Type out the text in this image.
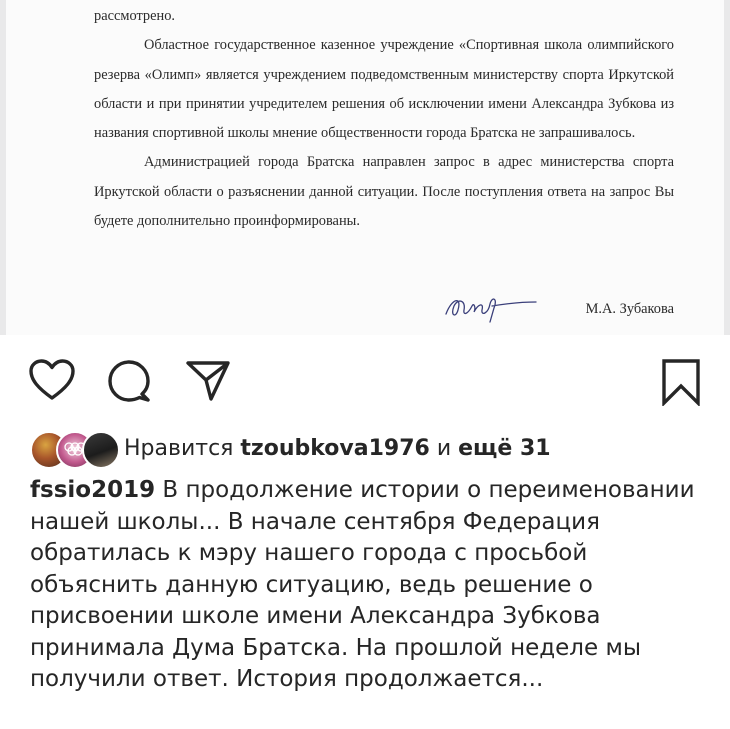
рассмотрено.

Областное государственное казенное учреждение «Спортивная школа олимпийского резерва «Олимп» является учреждением подведомственным министерству спорта Иркутской области и при принятии учредителем решения об исключении имени Александра Зубкова из названия спортивной школы мнение общественности города Братска не запрашивалось.

Администрацией города Братска направлен запрос в адрес министерства спорта Иркутской области о разъяснении данной ситуации. После поступления ответа на запрос Вы будете дополнительно проинформированы.

М.А. Зубакова
Нравится tzoubkova1976 и ещё 31
fssio2019 В продолжение истории о переименовании нашей школы... В начале сентября Федерация обратилась к мэру нашего города с просьбой объяснить данную ситуацию, ведь решение о присвоении школе имени Александра Зубкова принимала Дума Братска. На прошлой неделе мы получили ответ. История продолжается...
